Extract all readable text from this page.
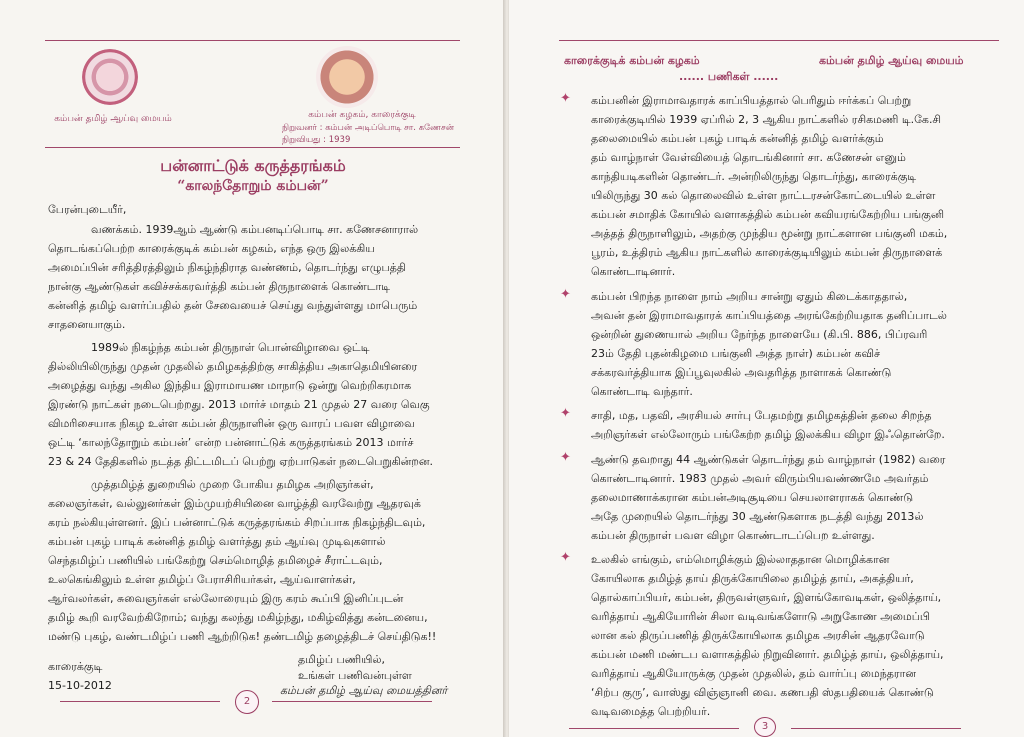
கம்பன் தமிழ் ஆய்வு மையம்	கம்பன் கழகம், காரைக்குடி
நிறுவனர் : கம்பன் அடிப்பொடி சா. கணேசன்
நிறுவியது : 1939
பன்னாட்டுக் கருத்தரங்கம்
“காலந்தோறும் கம்பன்”
பேரன்புடையீர்,
வணக்கம். 1939ஆம் ஆண்டு கம்பனடிப்பொடி சா. கணேசனாரால்
தொடங்கப்பெற்ற காரைக்குடிக் கம்பன் கழகம், எந்த ஒரு இலக்கிய
அமைப்பின் சரித்திரத்திலும் நிகழ்ந்திராத வண்ணம், தொடர்ந்து எழுபத்தி
நான்கு ஆண்டுகள் கவிச்சக்கரவர்த்தி கம்பன் திருநாளைக் கொண்டாடி
கன்னித் தமிழ் வளர்ப்பதில் தன் சேவையைச் செய்து வந்துள்ளது மாபெரும்
சாதனையாகும்.
1989ல் நிகழ்ந்த கம்பன் திருநாள் பொன்விழாவை ஒட்டி
தில்லியிலிருந்து முதன் முதலில் தமிழகத்திற்கு சாகித்திய அகாதெமியினரை
அழைத்து வந்து அகில இந்திய இராமாயண மாநாடு ஒன்று வெற்றிகரமாக
இரண்டு நாட்கள் நடைபெற்றது. 2013 மார்ச் மாதம் 21 முதல் 27 வரை வெகு
விமரிசையாக நிகழ உள்ள கம்பன் திருநாளின் ஒரு வாரப் பவள விழாவை
ஒட்டி ‘காலந்தோறும் கம்பன்’ என்ற பன்னாட்டுக் கருத்தரங்கம் 2013 மார்ச்
23 & 24 தேதிகளில் நடத்த திட்டமிடப் பெற்று ஏற்பாடுகள் நடைபெறுகின்றன.
முத்தமிழ்த் துறையில் முறை போகிய தமிழக அறிஞர்கள்,
கலைஞர்கள், வல்லுனர்கள் இம்முயற்சியினை வாழ்த்தி வரவேற்று ஆதரவுக்
கரம் நல்கியுள்ளனர். இப் பன்னாட்டுக் கருத்தரங்கம் சிறப்பாக நிகழ்ந்திடவும்,
கம்பன் புகழ் பாடிக் கன்னித் தமிழ் வளர்த்து தம் ஆய்வு முடிவுகளால்
செந்தமிழ்ப் பணியில் பங்கேற்று செம்மொழித் தமிழைச் சீராட்டவும்,
உலகெங்கிலும் உள்ள தமிழ்ப் பேராசிரியர்கள், ஆய்வாளர்கள்,
ஆர்வலர்கள், சுவைஞர்கள் எல்லோரையும் இரு கரம் கூப்பி இனிப்புடன்
தமிழ் கூறி வரவேற்கிறோம்; வந்து கலந்து மகிழ்ந்து, மகிழ்வித்து கன்டனைய,
மண்டு புகழ், வண்டமிழ்ப் பணி ஆற்றிடுக! தண்டமிழ் தழைத்திடச் செய்திடுக!!
தமிழ்ப் பணியில்,
உங்கள் பணிவன்புள்ள
காரைக்குடி
15-10-2012	கம்பன் தமிழ் ஆய்வு மையத்தினர்
2
காரைக்குடிக் கம்பன் கழகம்	கம்பன் தமிழ் ஆய்வு மையம்
...... பணிகள் ......
✦ கம்பனின் இராமாவதாரக் காப்பியத்தால் பெரிதும் ஈர்க்கப் பெற்று
காரைக்குடியில் 1939 ஏப்ரில் 2, 3 ஆகிய நாட்களில் ரசிகமணி டி.கே.சி
தலைமையில் கம்பன் புகழ் பாடிக் கன்னித் தமிழ் வளர்க்கும்
தம் வாழ்நாள் வேள்வியைத் தொடங்கினார் சா. கணேசன் எனும்
காந்தியடிகளின் தொண்டர். அன்றிலிருந்து தொடர்ந்து, காரைக்குடி
யிலிருந்து 30 கல் தொலைவில் உள்ள நாட்டரசன்கோட்டையில் உள்ள
கம்பன் சமாதிக் கோயில் வளாகத்தில் கம்பன் கவியரங்கேற்றிய பங்குனி
அத்தத் திருநாளிலும், அதற்கு முந்திய மூன்று நாட்களான பங்குனி மகம்,
பூரம், உத்திரம் ஆகிய நாட்களில் காரைக்குடியிலும் கம்பன் திருநாளைக்
கொண்டாடினார்.
✦ கம்பன் பிறந்த நாளை நாம் அறிய சான்று ஏதும் கிடைக்காததால்,
அவன் தன் இராமாவதாரக் காப்பியத்தை அரங்கேற்றியதாக தனிப்பாடல்
ஒன்றின் துணையால் அறிய நேர்ந்த நாளையே (கி.பி. 886, பிப்ரவரி
23ம் தேதி புதன்கிழமை பங்குனி அத்த நாள்) கம்பன் கவிச்
சக்கரவர்த்தியாக இப்பூவுலகில் அவதரித்த நாளாகக் கொண்டு
கொண்டாடி வந்தார்.
✦ சாதி, மத, பதவி, அரசியல் சார்பு பேதமற்று தமிழகத்தின் தலை சிறந்த
அறிஞர்கள் எல்லோரும் பங்கேற்ற தமிழ் இலக்கிய விழா இஃதொன்றே.
✦ ஆண்டு தவறாது 44 ஆண்டுகள் தொடர்ந்து தம் வாழ்நாள் (1982) வரை
கொண்டாடினார். 1983 முதல் அவர் விரும்பியவண்ணமே அவர்தம்
தலைமாணாக்கரான கம்பன்அடிசூடியை செயலாளராகக் கொண்டு
அதே முறையில் தொடர்ந்து 30 ஆண்டுகளாக நடத்தி வந்து 2013ல்
கம்பன் திருநாள் பவள விழா கொண்டாடப்பெற உள்ளது.
✦ உலகில் எங்கும், எம்மொழிக்கும் இல்லாததான மொழிக்கான
கோயிலாக தமிழ்த் தாய் திருக்கோயிலை தமிழ்த் தாய், அகத்தியர்,
தொல்காப்பியர், கம்பன், திருவள்ளுவர், இளங்கோவடிகள், ஒலித்தாய்,
வரித்தாய் ஆகியோரின் சிலா வடிவங்களோடு அறுகோண அமைப்பி
லான கல் திருப்பணித் திருக்கோயிலாக தமிழக அரசின் ஆதரவோடு
கம்பன் மணி மண்டப வளாகத்தில் நிறுவினார். தமிழ்த் தாய், ஒலித்தாய்,
வரித்தாய் ஆகியோருக்கு முதன் முதலில், தம் வார்ப்பு மைந்தரான
‘சிற்ப குரு’, வாஸ்து விஞ்ஞானி வை. கணபதி ஸ்தபதியைக் கொண்டு
வடிவமைத்த பெற்றியர்.
3
